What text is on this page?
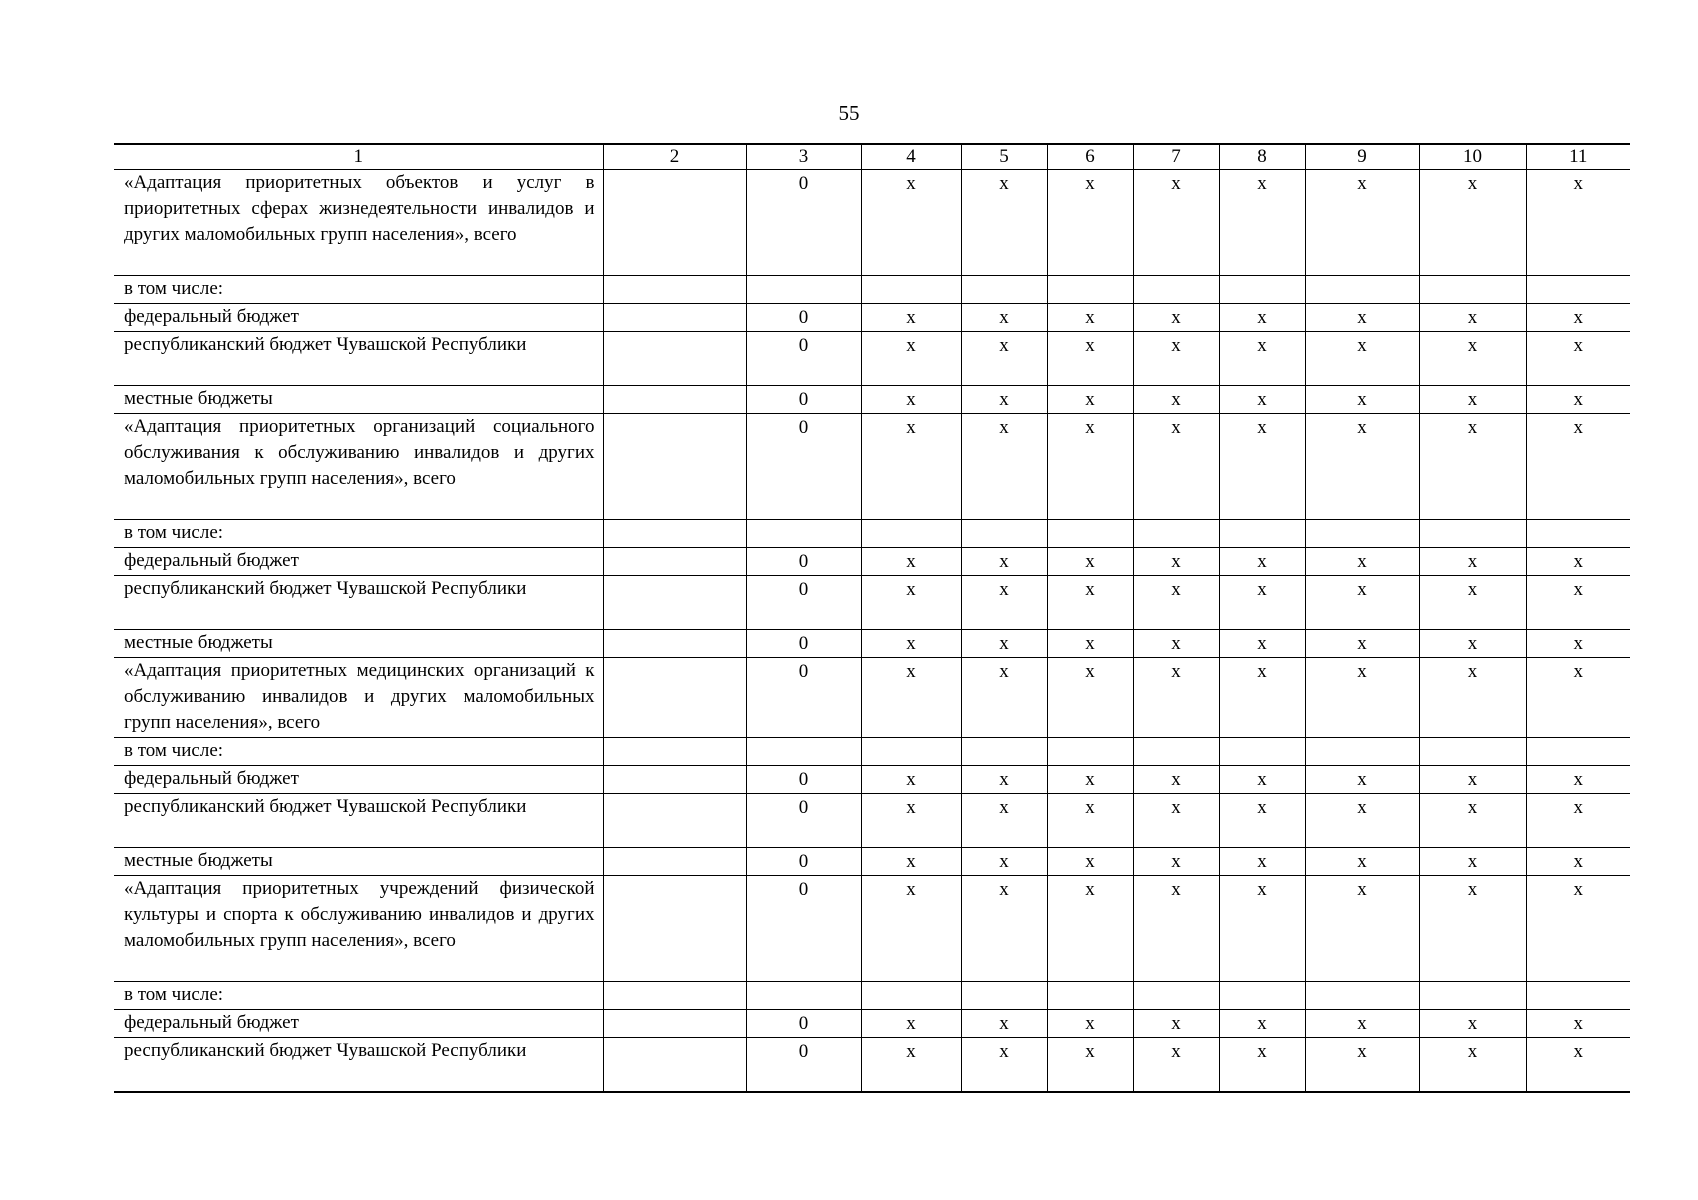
55
1	2	3	4	5	6	7	8	9	10	11
«Адаптация приоритетных объектов и услуг в приоритетных сферах жизнедеятельности инвалидов и других маломобильных групп населения», всего		0	x	x	x	x	x	x	x	x
в том числе:										
федеральный бюджет		0	x	x	x	x	x	x	x	x
республиканский бюджет Чувашской Республики		0	x	x	x	x	x	x	x	x
местные бюджеты		0	x	x	x	x	x	x	x	x
«Адаптация приоритетных организаций социального обслуживания к обслуживанию инвалидов и других маломобильных групп населения», всего		0	x	x	x	x	x	x	x	x
в том числе:										
федеральный бюджет		0	x	x	x	x	x	x	x	x
республиканский бюджет Чувашской Республики		0	x	x	x	x	x	x	x	x
местные бюджеты		0	x	x	x	x	x	x	x	x
«Адаптация приоритетных медицинских организаций к обслуживанию инвалидов и других маломобильных групп населения», всего		0	x	x	x	x	x	x	x	x
в том числе:										
федеральный бюджет		0	x	x	x	x	x	x	x	x
республиканский бюджет Чувашской Республики		0	x	x	x	x	x	x	x	x
местные бюджеты		0	x	x	x	x	x	x	x	x
«Адаптация приоритетных учреждений физической культуры и спорта к обслуживанию инвалидов и других маломобильных групп населения», всего		0	x	x	x	x	x	x	x	x
в том числе:										
федеральный бюджет		0	x	x	x	x	x	x	x	x
республиканский бюджет Чувашской Республики		0	x	x	x	x	x	x	x	x
